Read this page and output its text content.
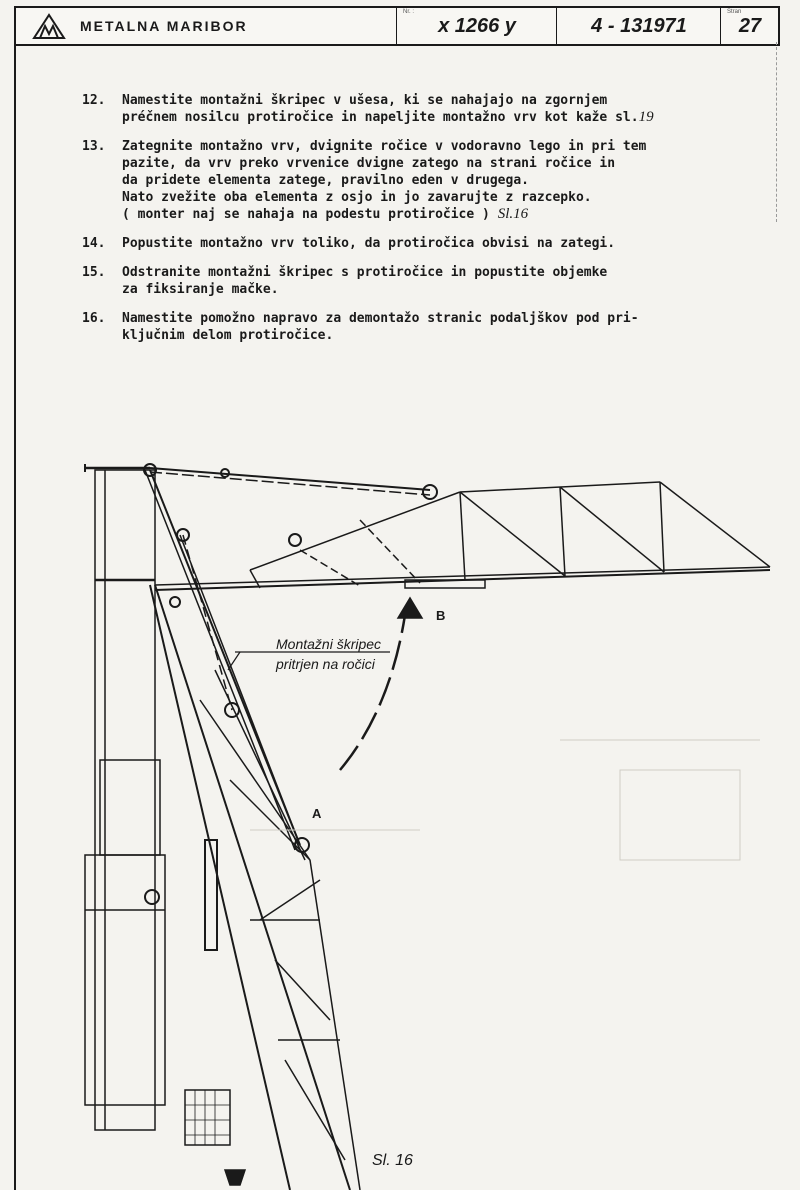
METALNA MARIBOR
Nr. :
x 1266 y	4 - 131971
Stran
27
12.	Namestite montažni škripec v ušesa, ki se nahajajo na zgornjem
préčnem nosilcu protiročice in napeljite montažno vrv kot kaže sl.19
13.	Zategnite montažno vrv, dvignite ročice v vodoravno lego in pri tem
pazite, da vrv preko vrvenice dvigne zatego na strani ročice in
da pridete elementa zatege, pravilno eden v drugega.
Nato zvežite oba elementa z osjo in jo zavarujte z razcepko.
( monter naj se nahaja na podestu protiročice ) Sl.16
14.	Popustite montažno vrv toliko, da protiročica obvisi na zategi.
15.	Odstranite montažni škripec s protiročice in popustite objemke
za fiksiranje mačke.
16.	Namestite pomožno napravo za demontažo stranic podaljškov pod pri-
ključnim delom protiročice.
Montažni škripec
pritrjen na ročici
A
B
Sl. 16
